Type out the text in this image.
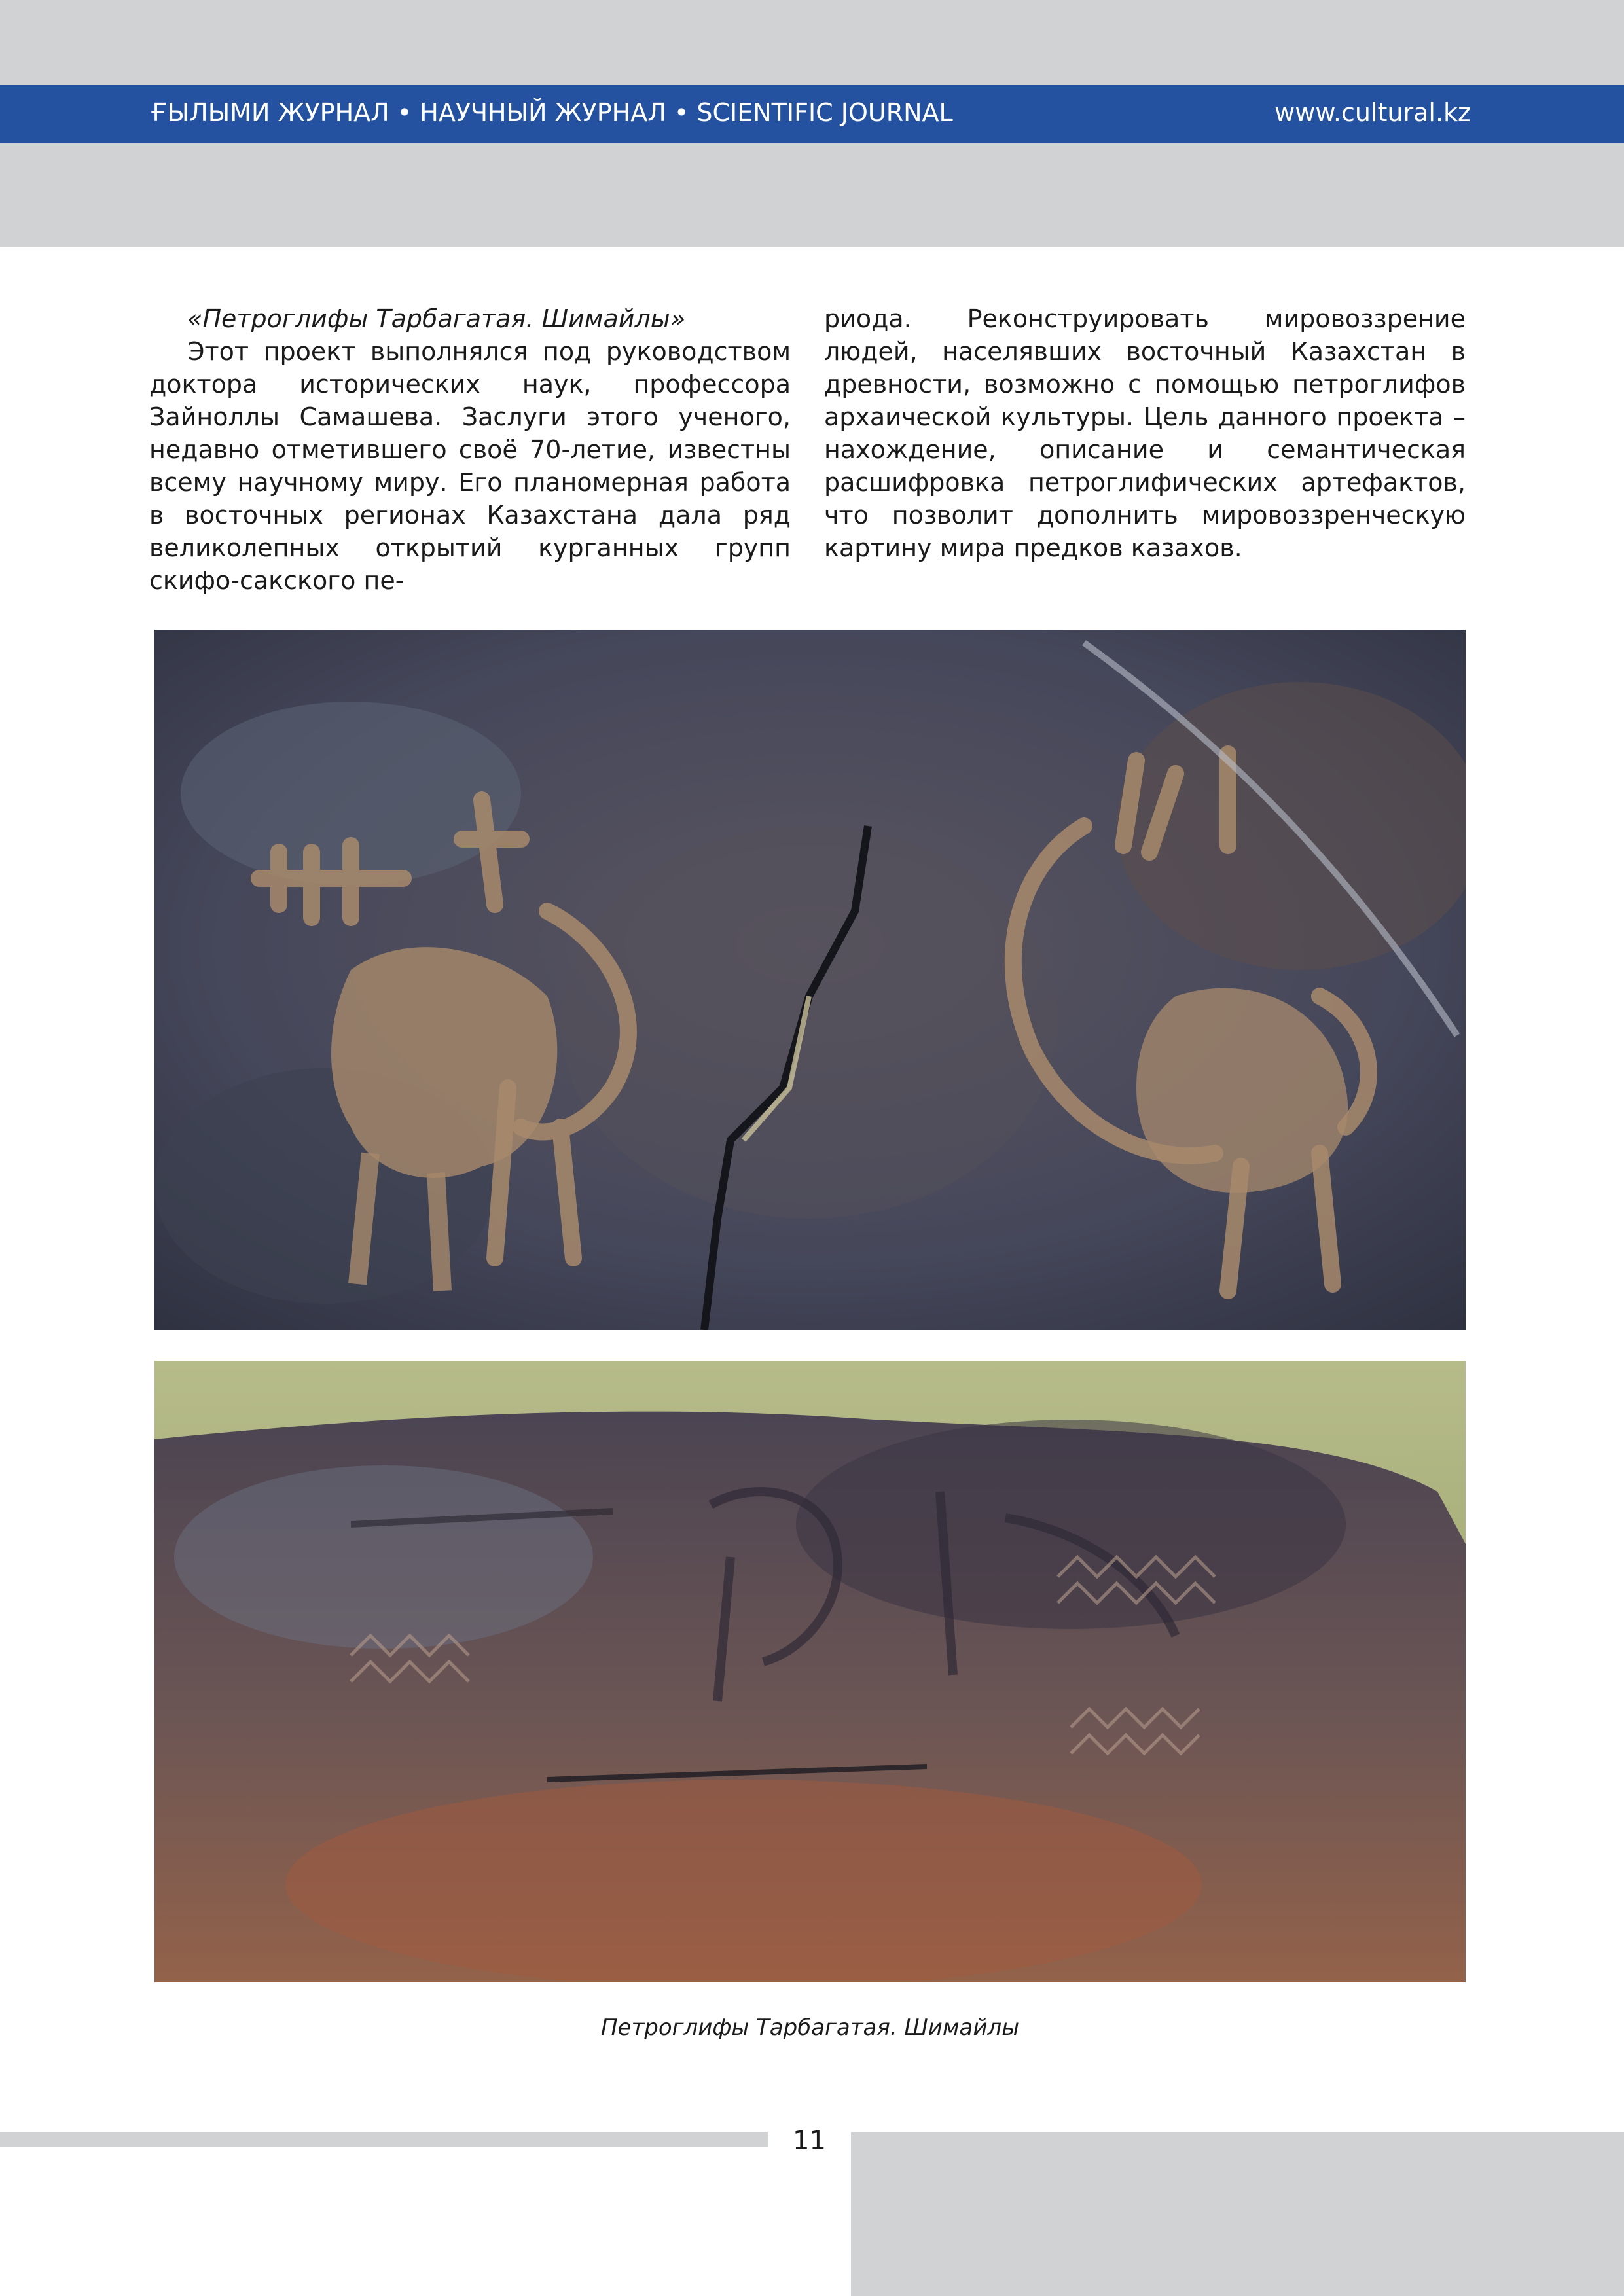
ҒЫЛЫМИ ЖУРНАЛ • НАУЧНЫЙ ЖУРНАЛ • SCIENTIFIC JOURNAL	www.cultural.kz

«Петроглифы Тарбагатая. Шимайлы»

Этот проект выполнялся под руководством доктора исторических наук, профессора Зайноллы Самашева. Заслуги этого ученого, недавно отметившего своё 70-летие, известны всему научному миру. Его планомерная работа в восточных регионах Казахстана дала ряд великолепных открытий курганных групп скифо-сакского пе-

риода. Реконструировать мировоззрение людей, населявших восточный Казахстан в древности, возможно с помощью петроглифов архаической культуры. Цель данного проекта – нахождение, описание и семантическая расшифровка петроглифических артефактов, что позволит дополнить мировоззренческую картину мира предков казахов.

Петроглифы Тарбагатая. Шимайлы
11
